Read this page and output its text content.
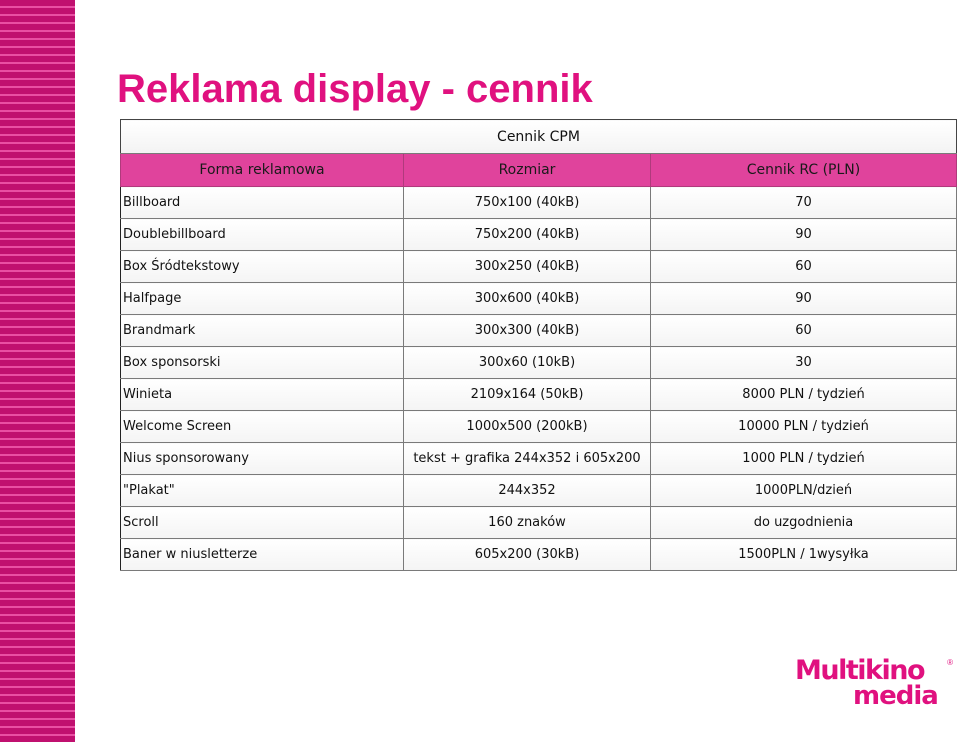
Reklama display - cennik
Cennik CPM		
Forma reklamowa	Rozmiar	Cennik RC (PLN)
Billboard	750x100 (40kB)	70
Doublebillboard	750x200 (40kB)	90
Box Śródtekstowy	300x250 (40kB)	60
Halfpage	300x600 (40kB)	90
Brandmark	300x300 (40kB)	60
Box sponsorski	300x60 (10kB)	30
Winieta	2109x164 (50kB)	8000 PLN / tydzień
Welcome Screen	1000x500 (200kB)	10000 PLN / tydzień
Nius sponsorowany	tekst + grafika 244x352 i 605x200	1000 PLN / tydzień
"Plakat"	244x352	1000PLN/dzień
Scroll	160 znaków	do uzgodnienia
Baner w niusletterze	605x200 (30kB)	1500PLN / 1wysyłka
Multikino	®
media
